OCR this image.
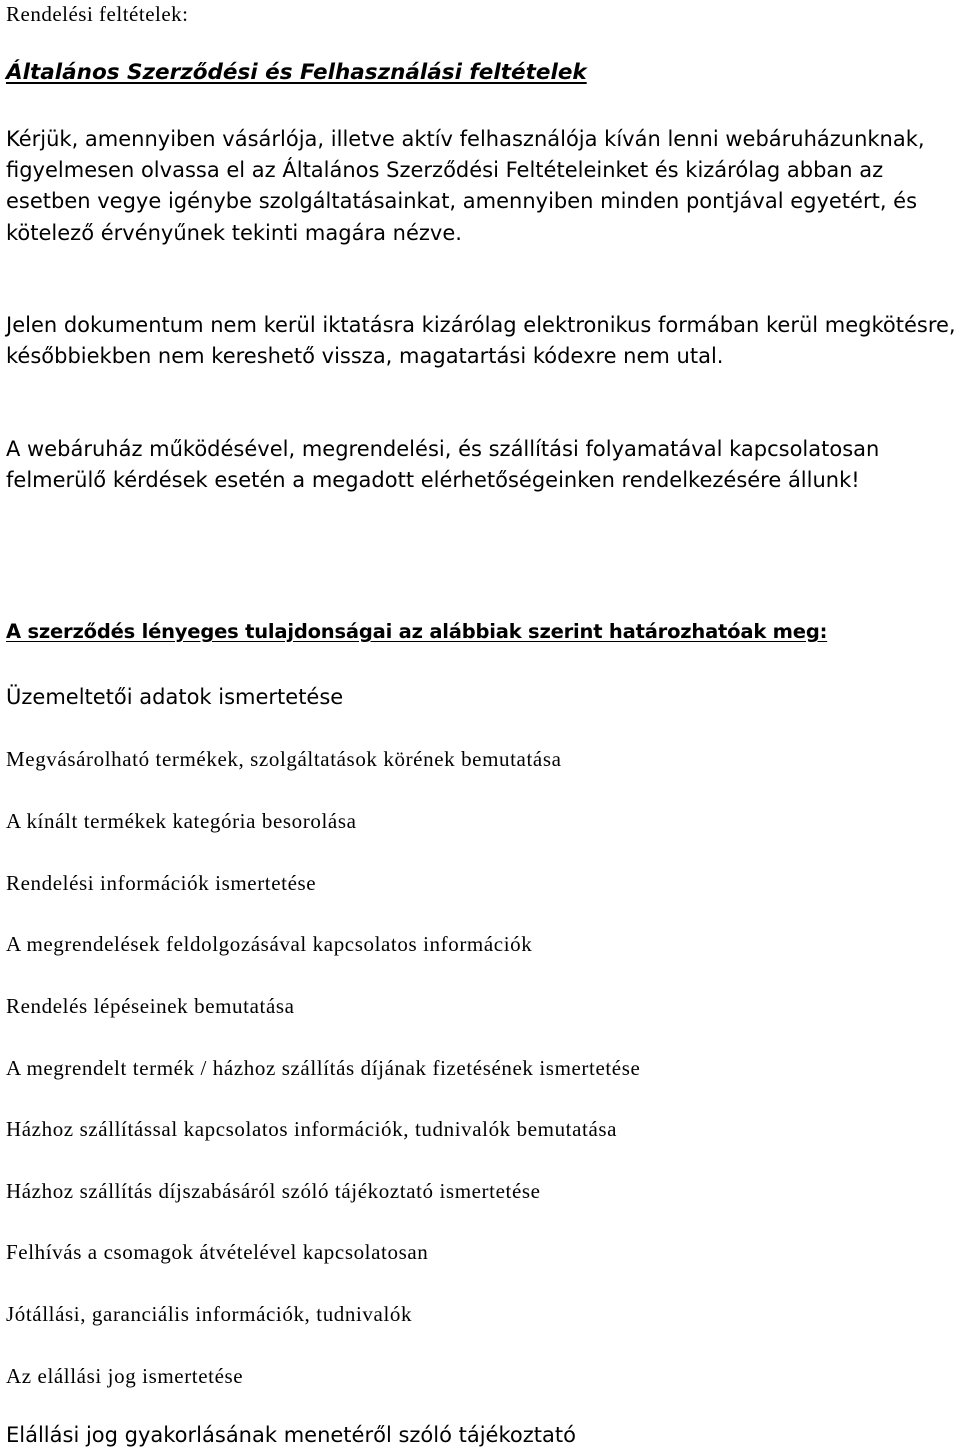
Rendelési feltételek:
Általános Szerződési és Felhasználási feltételek

Kérjük, amennyiben vásárlója, illetve aktív felhasználója kíván lenni webáruházunknak, figyelmesen olvassa el az Általános Szerződési Feltételeinket és kizárólag abban az esetben vegye igénybe szolgáltatásainkat, amennyiben minden pontjával egyetért, és kötelező érvényűnek tekinti magára nézve.

Jelen dokumentum nem kerül iktatásra kizárólag elektronikus formában kerül megkötésre, későbbiekben nem kereshető vissza, magatartási kódexre nem utal.

A webáruház működésével, megrendelési, és szállítási folyamatával kapcsolatosan felmerülő kérdések esetén a megadott elérhetőségeinken rendelkezésére állunk!

A szerződés lényeges tulajdonságai az alábbiak szerint határozhatóak meg:
Üzemeltetői adatok ismertetése
Megvásárolható termékek, szolgáltatások körének bemutatása
A kínált termékek kategória besorolása
Rendelési információk ismertetése
A megrendelések feldolgozásával kapcsolatos információk
Rendelés lépéseinek bemutatása
A megrendelt termék / házhoz szállítás díjának fizetésének ismertetése
Házhoz szállítással kapcsolatos információk, tudnivalók bemutatása
Házhoz szállítás díjszabásáról szóló tájékoztató ismertetése
Felhívás a csomagok átvételével kapcsolatosan
Jótállási, garanciális információk, tudnivalók
Az elállási jog ismertetése
Elállási jog gyakorlásának menetéről szóló tájékoztató
